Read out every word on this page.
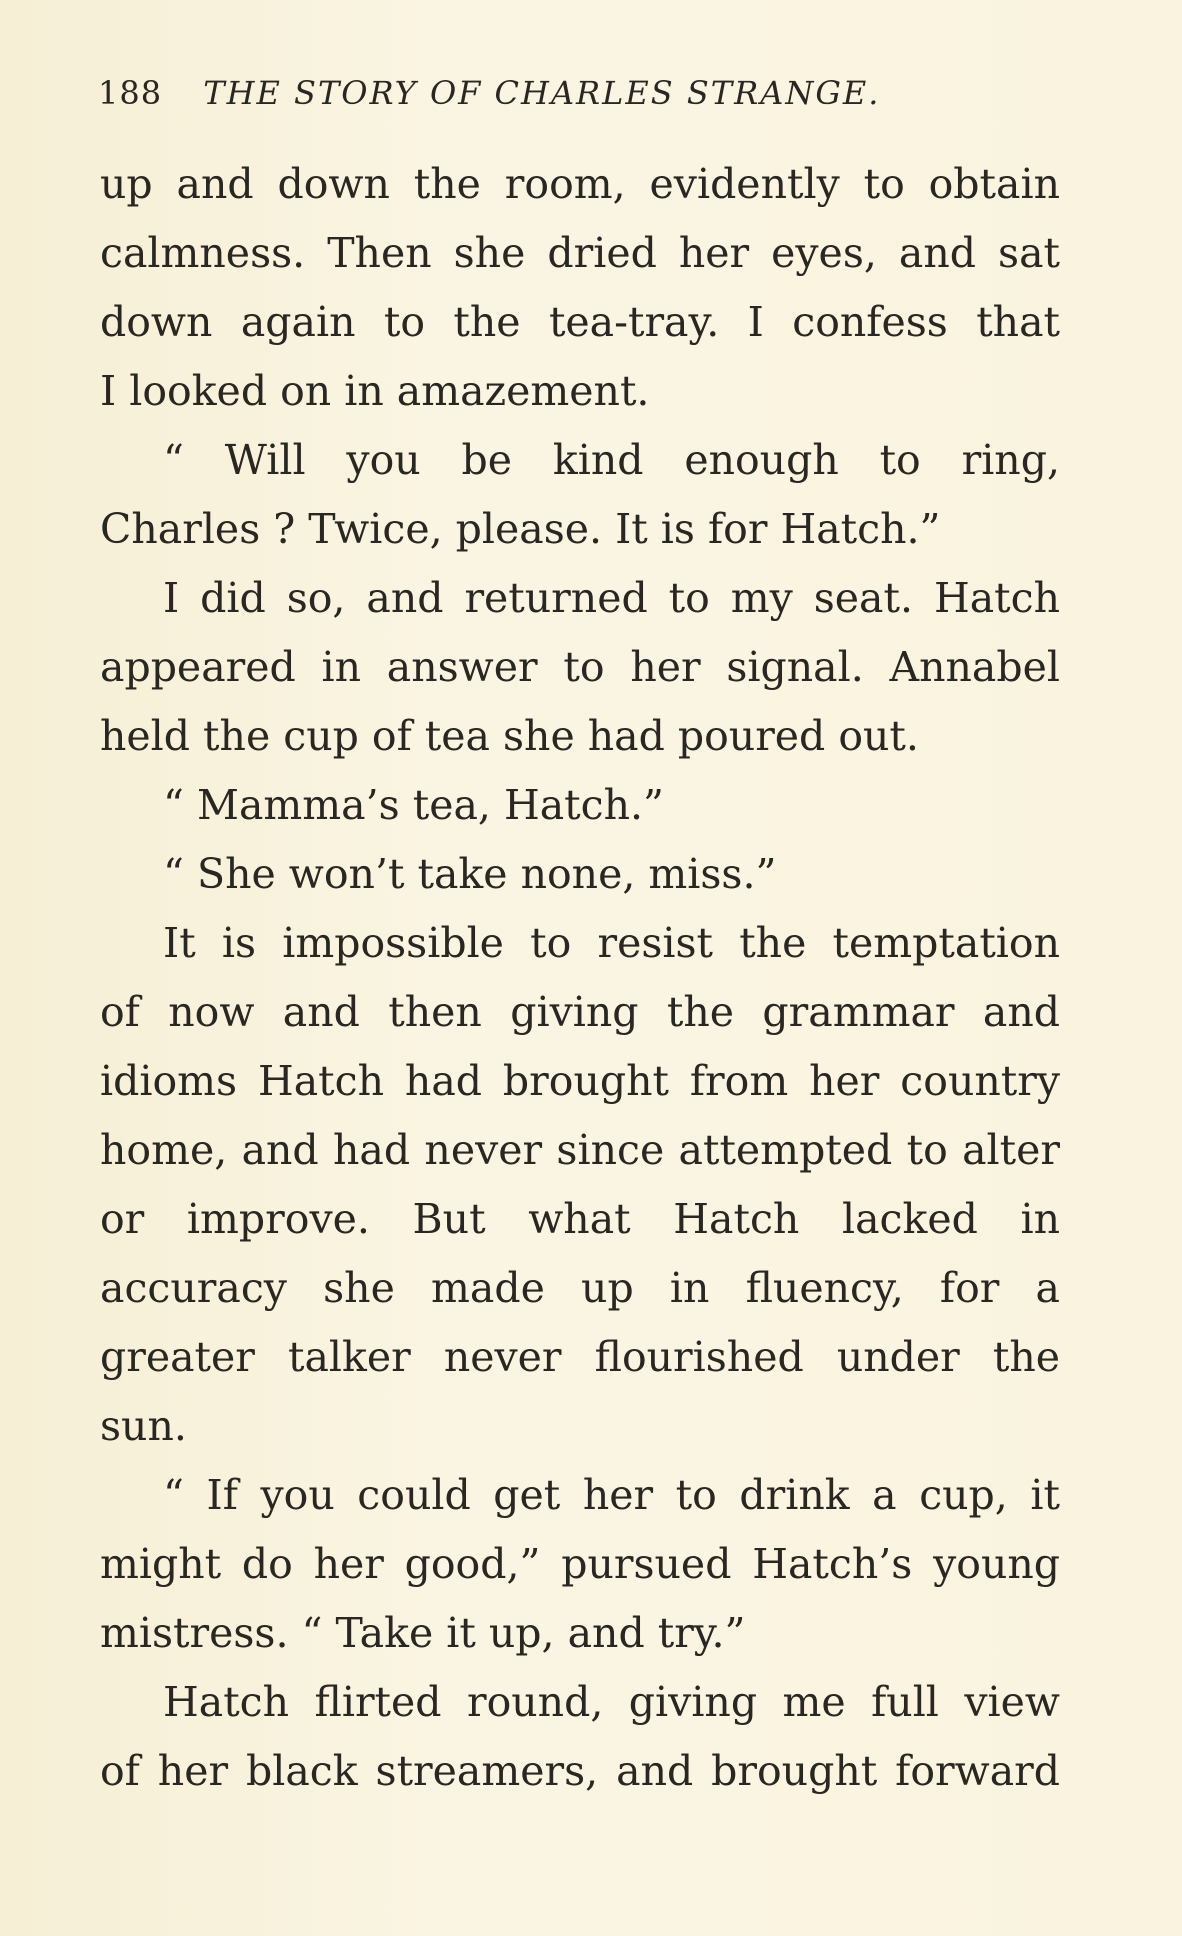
188 THE STORY OF CHARLES STRANGE.
up and down the room, evidently to obtain
calmness. Then she dried her eyes, and sat
down again to the tea-tray. I confess that
I looked on in amazement.
“ Will you be kind enough to ring,
Charles ? Twice, please. It is for Hatch.”
I did so, and returned to my seat. Hatch
appeared in answer to her signal. Annabel
held the cup of tea she had poured out.
“ Mamma’s tea, Hatch.”
“ She won’t take none, miss.”
It is impossible to resist the temptation
of now and then giving the grammar and
idioms Hatch had brought from her country
home, and had never since attempted to alter
or improve. But what Hatch lacked in
accuracy she made up in fluency, for a
greater talker never flourished under the
sun.
“ If you could get her to drink a cup, it
might do her good,” pursued Hatch’s young
mistress. “ Take it up, and try.”
Hatch flirted round, giving me full view
of her black streamers, and brought forward
